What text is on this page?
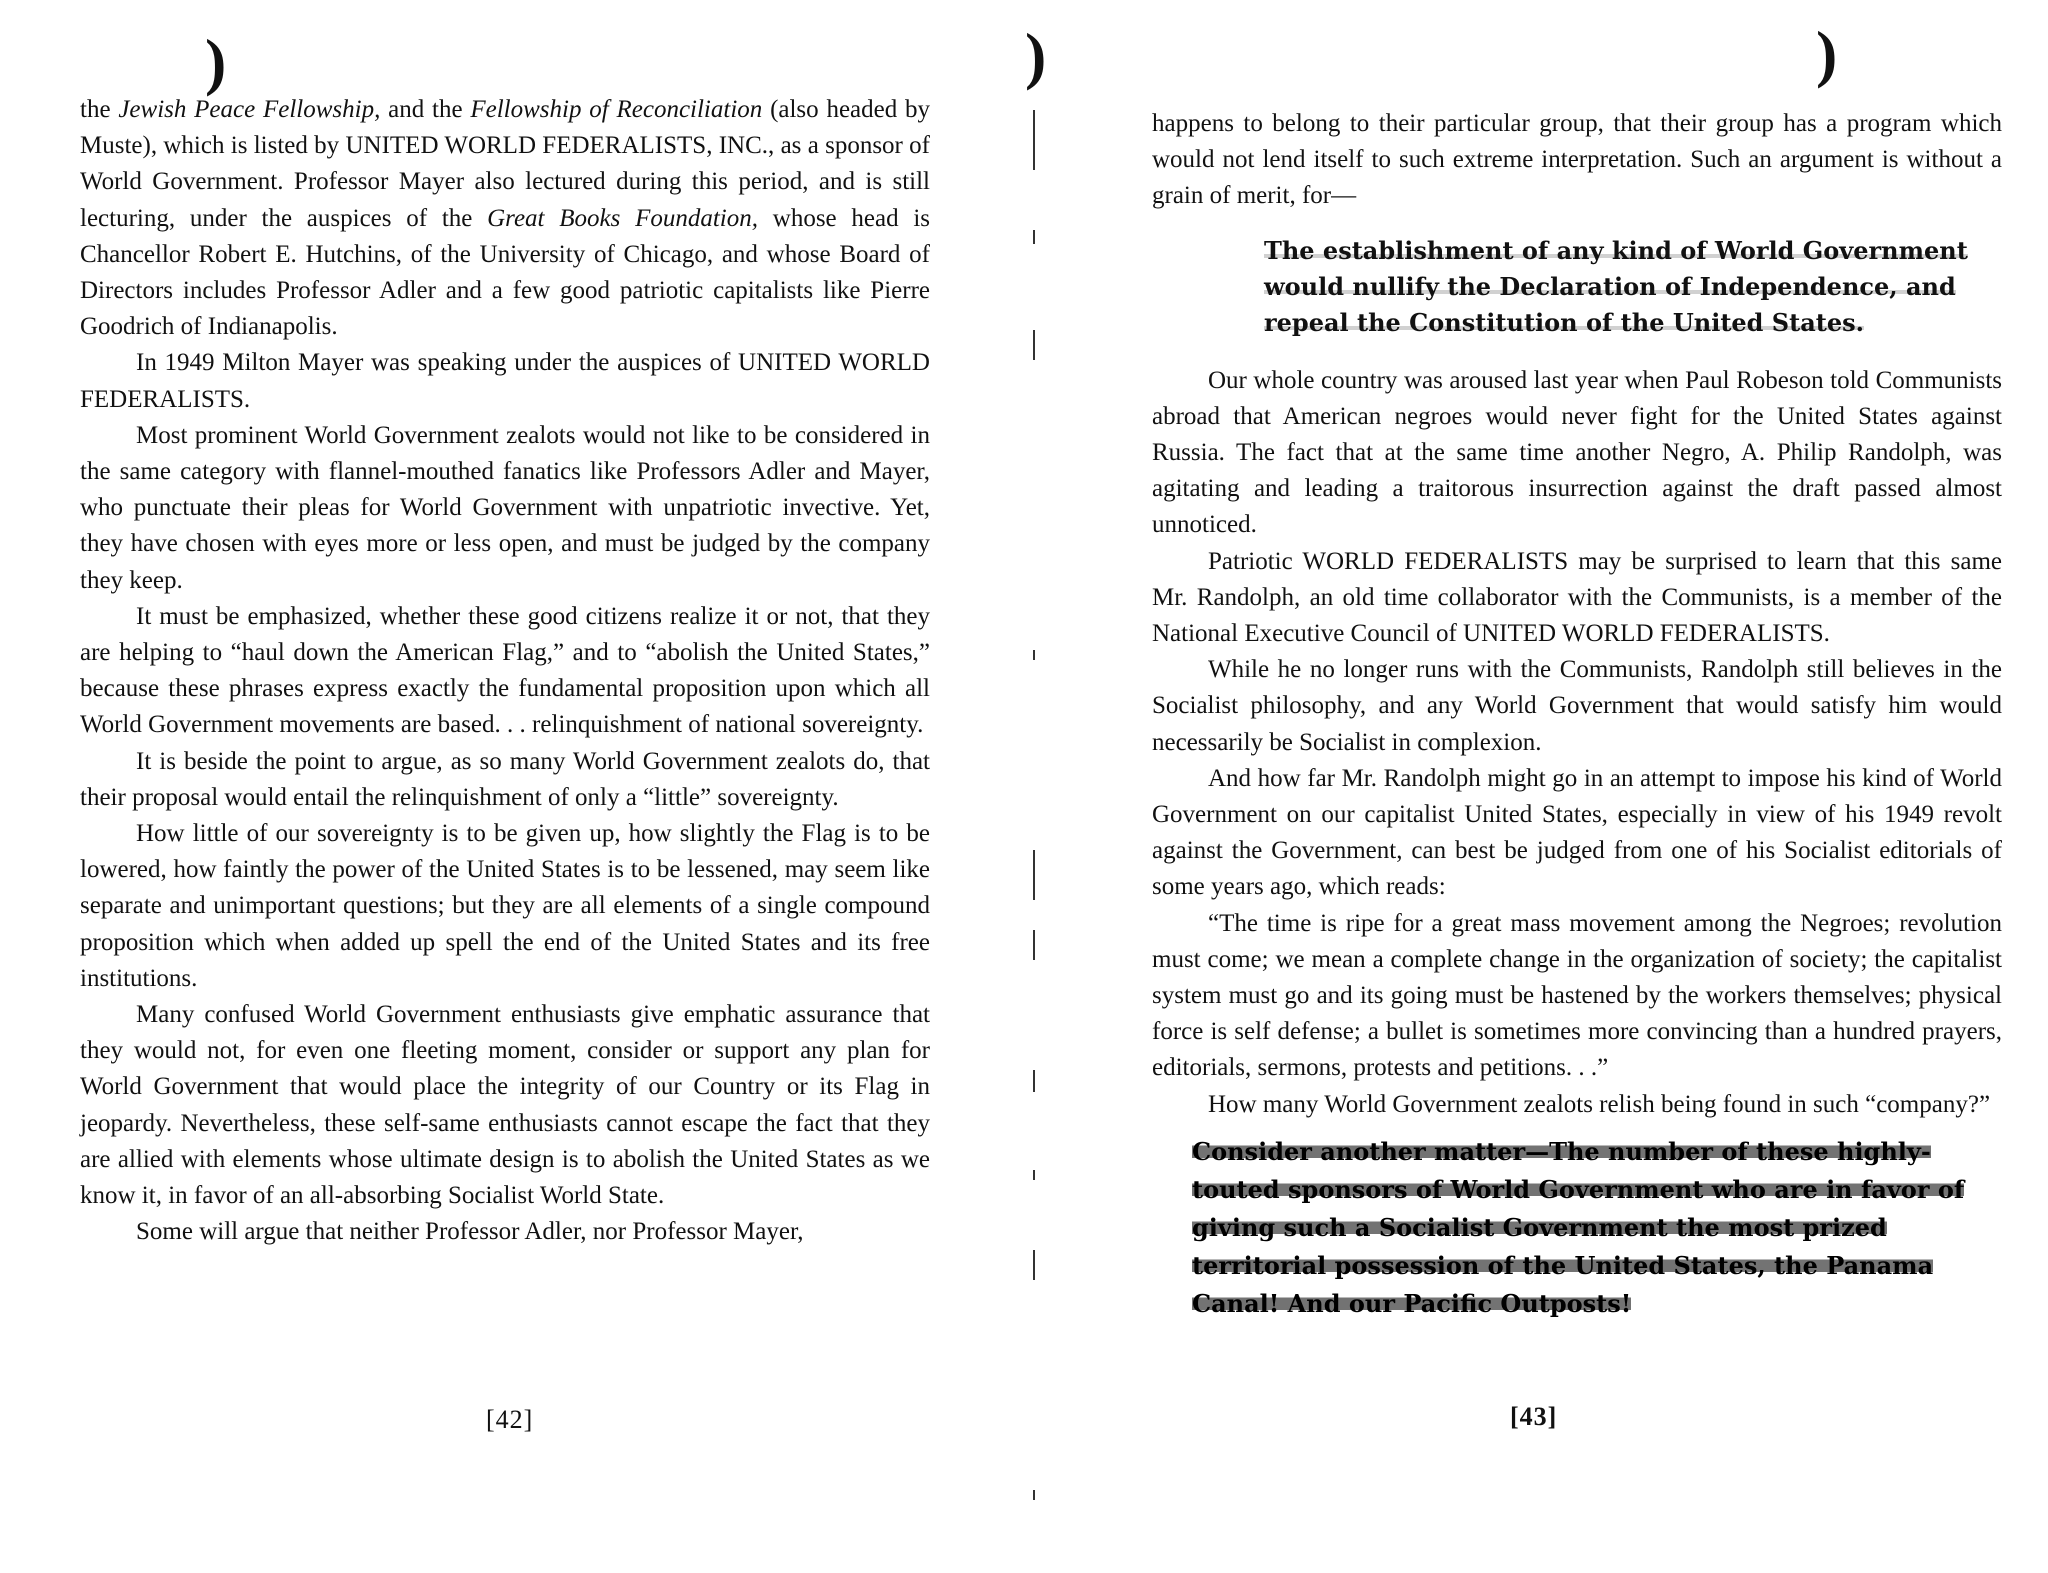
)

the Jewish Peace Fellowship, and the Fellowship of Reconciliation (also headed by Muste), which is listed by UNITED WORLD FEDERALISTS, INC., as a sponsor of World Government. Professor Mayer also lectured during this period, and is still lecturing, under the auspices of the Great Books Foundation, whose head is Chancellor Robert E. Hutchins, of the University of Chicago, and whose Board of Directors includes Professor Adler and a few good patriotic capitalists like Pierre Goodrich of Indianapolis.

In 1949 Milton Mayer was speaking under the auspices of UNITED WORLD FEDERALISTS.

Most prominent World Government zealots would not like to be considered in the same category with flannel-mouthed fanatics like Professors Adler and Mayer, who punctuate their pleas for World Government with unpatriotic invective. Yet, they have chosen with eyes more or less open, and must be judged by the company they keep.

It must be emphasized, whether these good citizens realize it or not, that they are helping to “haul down the American Flag,” and to “abolish the United States,” because these phrases express exactly the fundamental proposition upon which all World Government movements are based. . . relinquishment of national sovereignty.

It is beside the point to argue, as so many World Government zealots do, that their proposal would entail the relinquishment of only a “little” sovereignty.

How little of our sovereignty is to be given up, how slightly the Flag is to be lowered, how faintly the power of the United States is to be lessened, may seem like separate and unimportant questions; but they are all elements of a single compound proposition which when added up spell the end of the United States and its free institutions.

Many confused World Government enthusiasts give emphatic assurance that they would not, for even one fleeting moment, consider or support any plan for World Government that would place the integrity of our Country or its Flag in jeopardy. Nevertheless, these self-same enthusiasts cannot escape the fact that they are allied with elements whose ultimate design is to abolish the United States as we know it, in favor of an all-absorbing Socialist World State.

Some will argue that neither Professor Adler, nor Professor Mayer,

[42]
)	)

happens to belong to their particular group, that their group has a program which would not lend itself to such extreme interpretation. Such an argument is without a grain of merit, for—

The establishment of any kind of World Government would nullify the Declaration of Independence, and repeal the Constitution of the United States.

Our whole country was aroused last year when Paul Robeson told Communists abroad that American negroes would never fight for the United States against Russia. The fact that at the same time another Negro, A. Philip Randolph, was agitating and leading a traitorous insurrection against the draft passed almost unnoticed.

Patriotic WORLD FEDERALISTS may be surprised to learn that this same Mr. Randolph, an old time collaborator with the Communists, is a member of the National Executive Council of UNITED WORLD FEDERALISTS.

While he no longer runs with the Communists, Randolph still believes in the Socialist philosophy, and any World Government that would satisfy him would necessarily be Socialist in complexion.

And how far Mr. Randolph might go in an attempt to impose his kind of World Government on our capitalist United States, especially in view of his 1949 revolt against the Government, can best be judged from one of his Socialist editorials of some years ago, which reads:

“The time is ripe for a great mass movement among the Negroes; revolution must come; we mean a complete change in the organization of society; the capitalist system must go and its going must be hastened by the workers themselves; physical force is self defense; a bullet is sometimes more convincing than a hundred prayers, editorials, sermons, protests and petitions. . .”

How many World Government zealots relish being found in such “company?”

Consider another matter—The number of these highly-touted sponsors of World Government who are in favor of giving such a Socialist Government the most prized territorial possession of the United States, the Panama Canal! And our Pacific Outposts!
[43]
